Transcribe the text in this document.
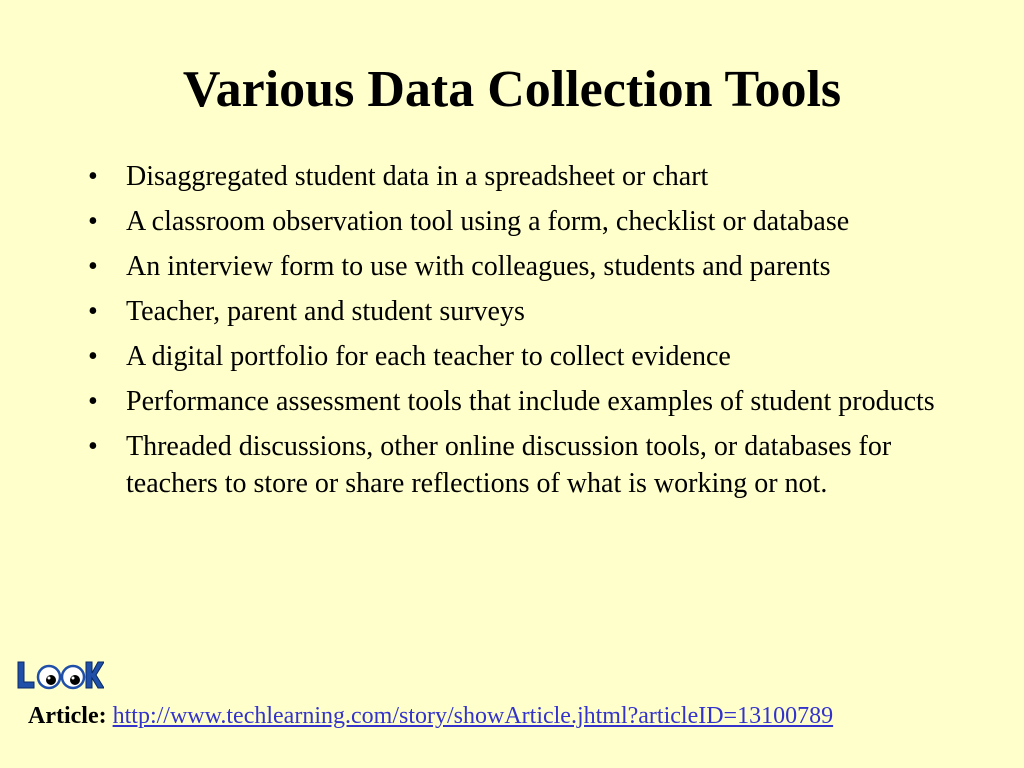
Various Data Collection Tools
•	Disaggregated student data in a spreadsheet or chart
•	A classroom observation tool using a form, checklist or database
•	An interview form to use with colleagues, students and parents
•	Teacher, parent and student surveys
•	A digital portfolio for each teacher to collect evidence
•	Performance assessment tools that include examples of student products
•	Threaded discussions, other online discussion tools, or databases for teachers to store or share reflections of what is working or not.
Article: http://www.techlearning.com/story/showArticle.jhtml?articleID=13100789
